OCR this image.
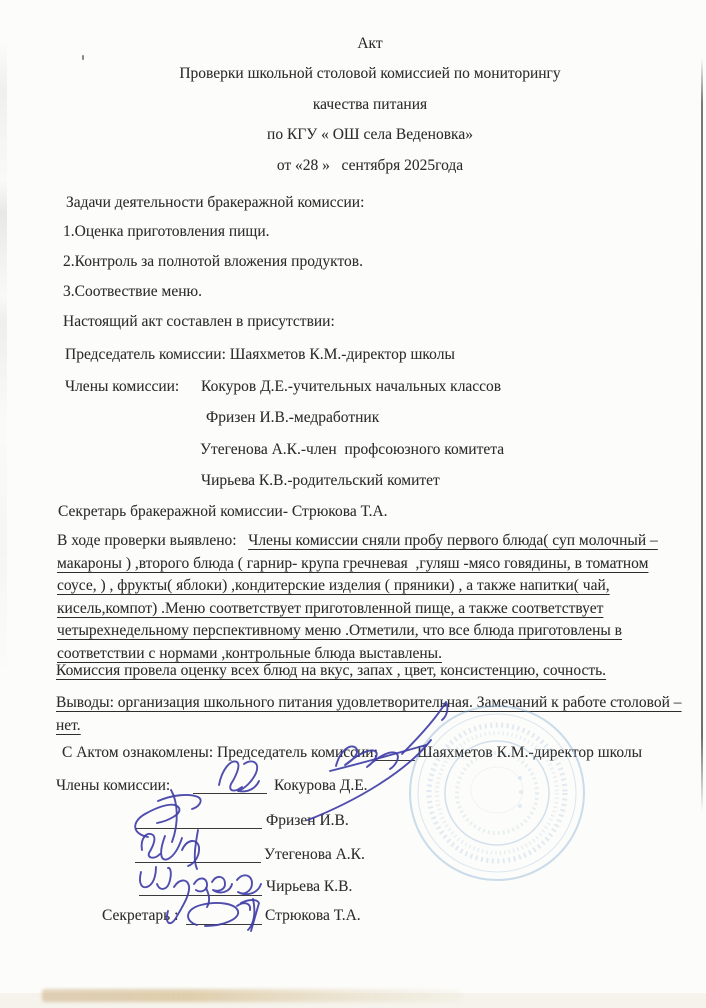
Акт
Проверки школьной столовой комиссией по мониторингу
качества питания
по КГУ « ОШ села Веденовка»
от «28 »   сентября 2025года
Задачи деятельности бракеражной комиссии:
1.Оценка приготовления пищи.
2.Контроль за полнотой вложения продуктов.
3.Соотвествие меню.
Настоящий акт составлен в присутствии:
Председатель комиссии: Шаяхметов К.М.-директор школы
Члены комиссии: Кокуров Д.Е.-учительных начальных классов
Фризен И.В.-медработник
Утегенова А.К.-член  профсоюзного комитета
Чирьева К.В.-родительский комитет
Секретарь бракеражной комиссии- Стрюкова Т.А.
В ходе проверки выявлено:   Члены комиссии сняли пробу первого блюда( суп молочный –
макароны ) ,второго блюда ( гарнир- крупа гречневая  ,гуляш -мясо говядины, в томатном
соусе, ) , фрукты( яблоки) ,кондитерские изделия ( пряники) , а также напитки( чай,
кисель,компот) .Меню соответствует приготовленной пище, а также соответствует
четырехнедельному перспективному меню .Отметили, что все блюда приготовлены в
соответствии с нормами ,контрольные блюда выставлены.
Комиссия провела оценку всех блюд на вкус, запах , цвет, консистенцию, сочность.
Выводы: организация школьного питания удовлетворительная. Замечаний к работе столовой –
нет.
С Актом ознакомлены: Председатель комиссии:	Шаяхметов К.М.-директор школы
Члены комиссии:	Кокурова Д.Е.
Фризен И.В.
Утегенова А.К.
Чирьева К.В.
Секретарь :	Стрюкова Т.А.
